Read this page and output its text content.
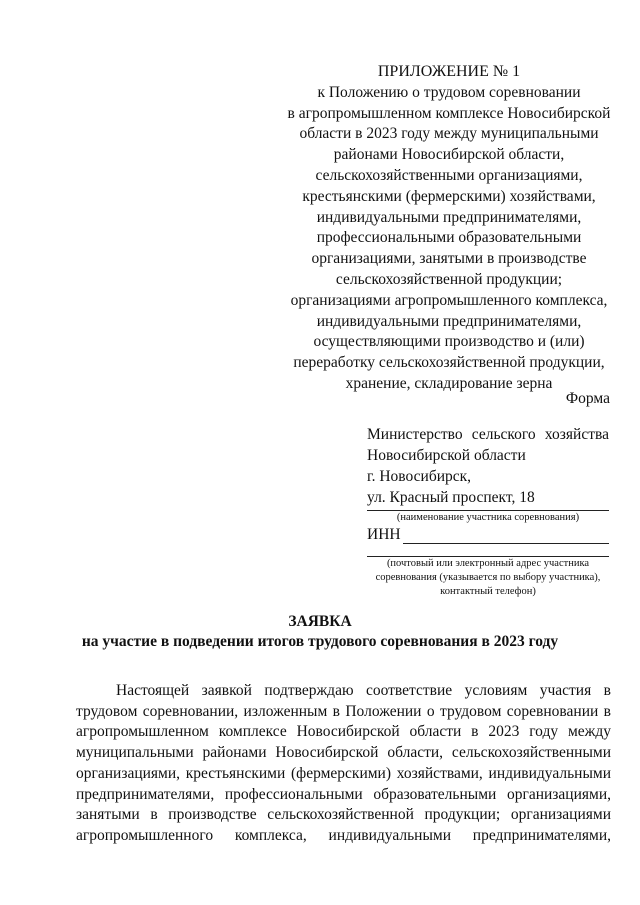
ПРИЛОЖЕНИЕ № 1
к Положению о трудовом соревновании
в агропромышленном комплексе Новосибирской
области в 2023 году между муниципальными
районами Новосибирской области,
сельскохозяйственными организациями,
крестьянскими (фермерскими) хозяйствами,
индивидуальными предпринимателями,
профессиональными образовательными
организациями, занятыми в производстве
сельскохозяйственной продукции;
организациями агропромышленного комплекса,
индивидуальными предпринимателями,
осуществляющими производство и (или)
переработку сельскохозяйственной продукции,
хранение, складирование зерна
Форма
Министерство сельского хозяйства
Новосибирской области
г. Новосибирск,
ул. Красный проспект, 18
(наименование участника соревнования)
ИНН
(почтовый или электронный адрес участника
соревнования (указывается по выбору участника),
контактный телефон)
ЗАЯВКА
на участие в подведении итогов трудового соревнования в 2023 году

Настоящей заявкой подтверждаю соответствие условиям участия в трудовом соревновании, изложенным в Положении о трудовом соревновании в агропромышленном комплексе Новосибирской области в 2023 году между муниципальными районами Новосибирской области, сельскохозяйственными организациями, крестьянскими (фермерскими) хозяйствами, индивидуальными предпринимателями, профессиональными образовательными организациями, занятыми в производстве сельскохозяйственной продукции; организациями агропромышленного комплекса, индивидуальными предпринимателями,
